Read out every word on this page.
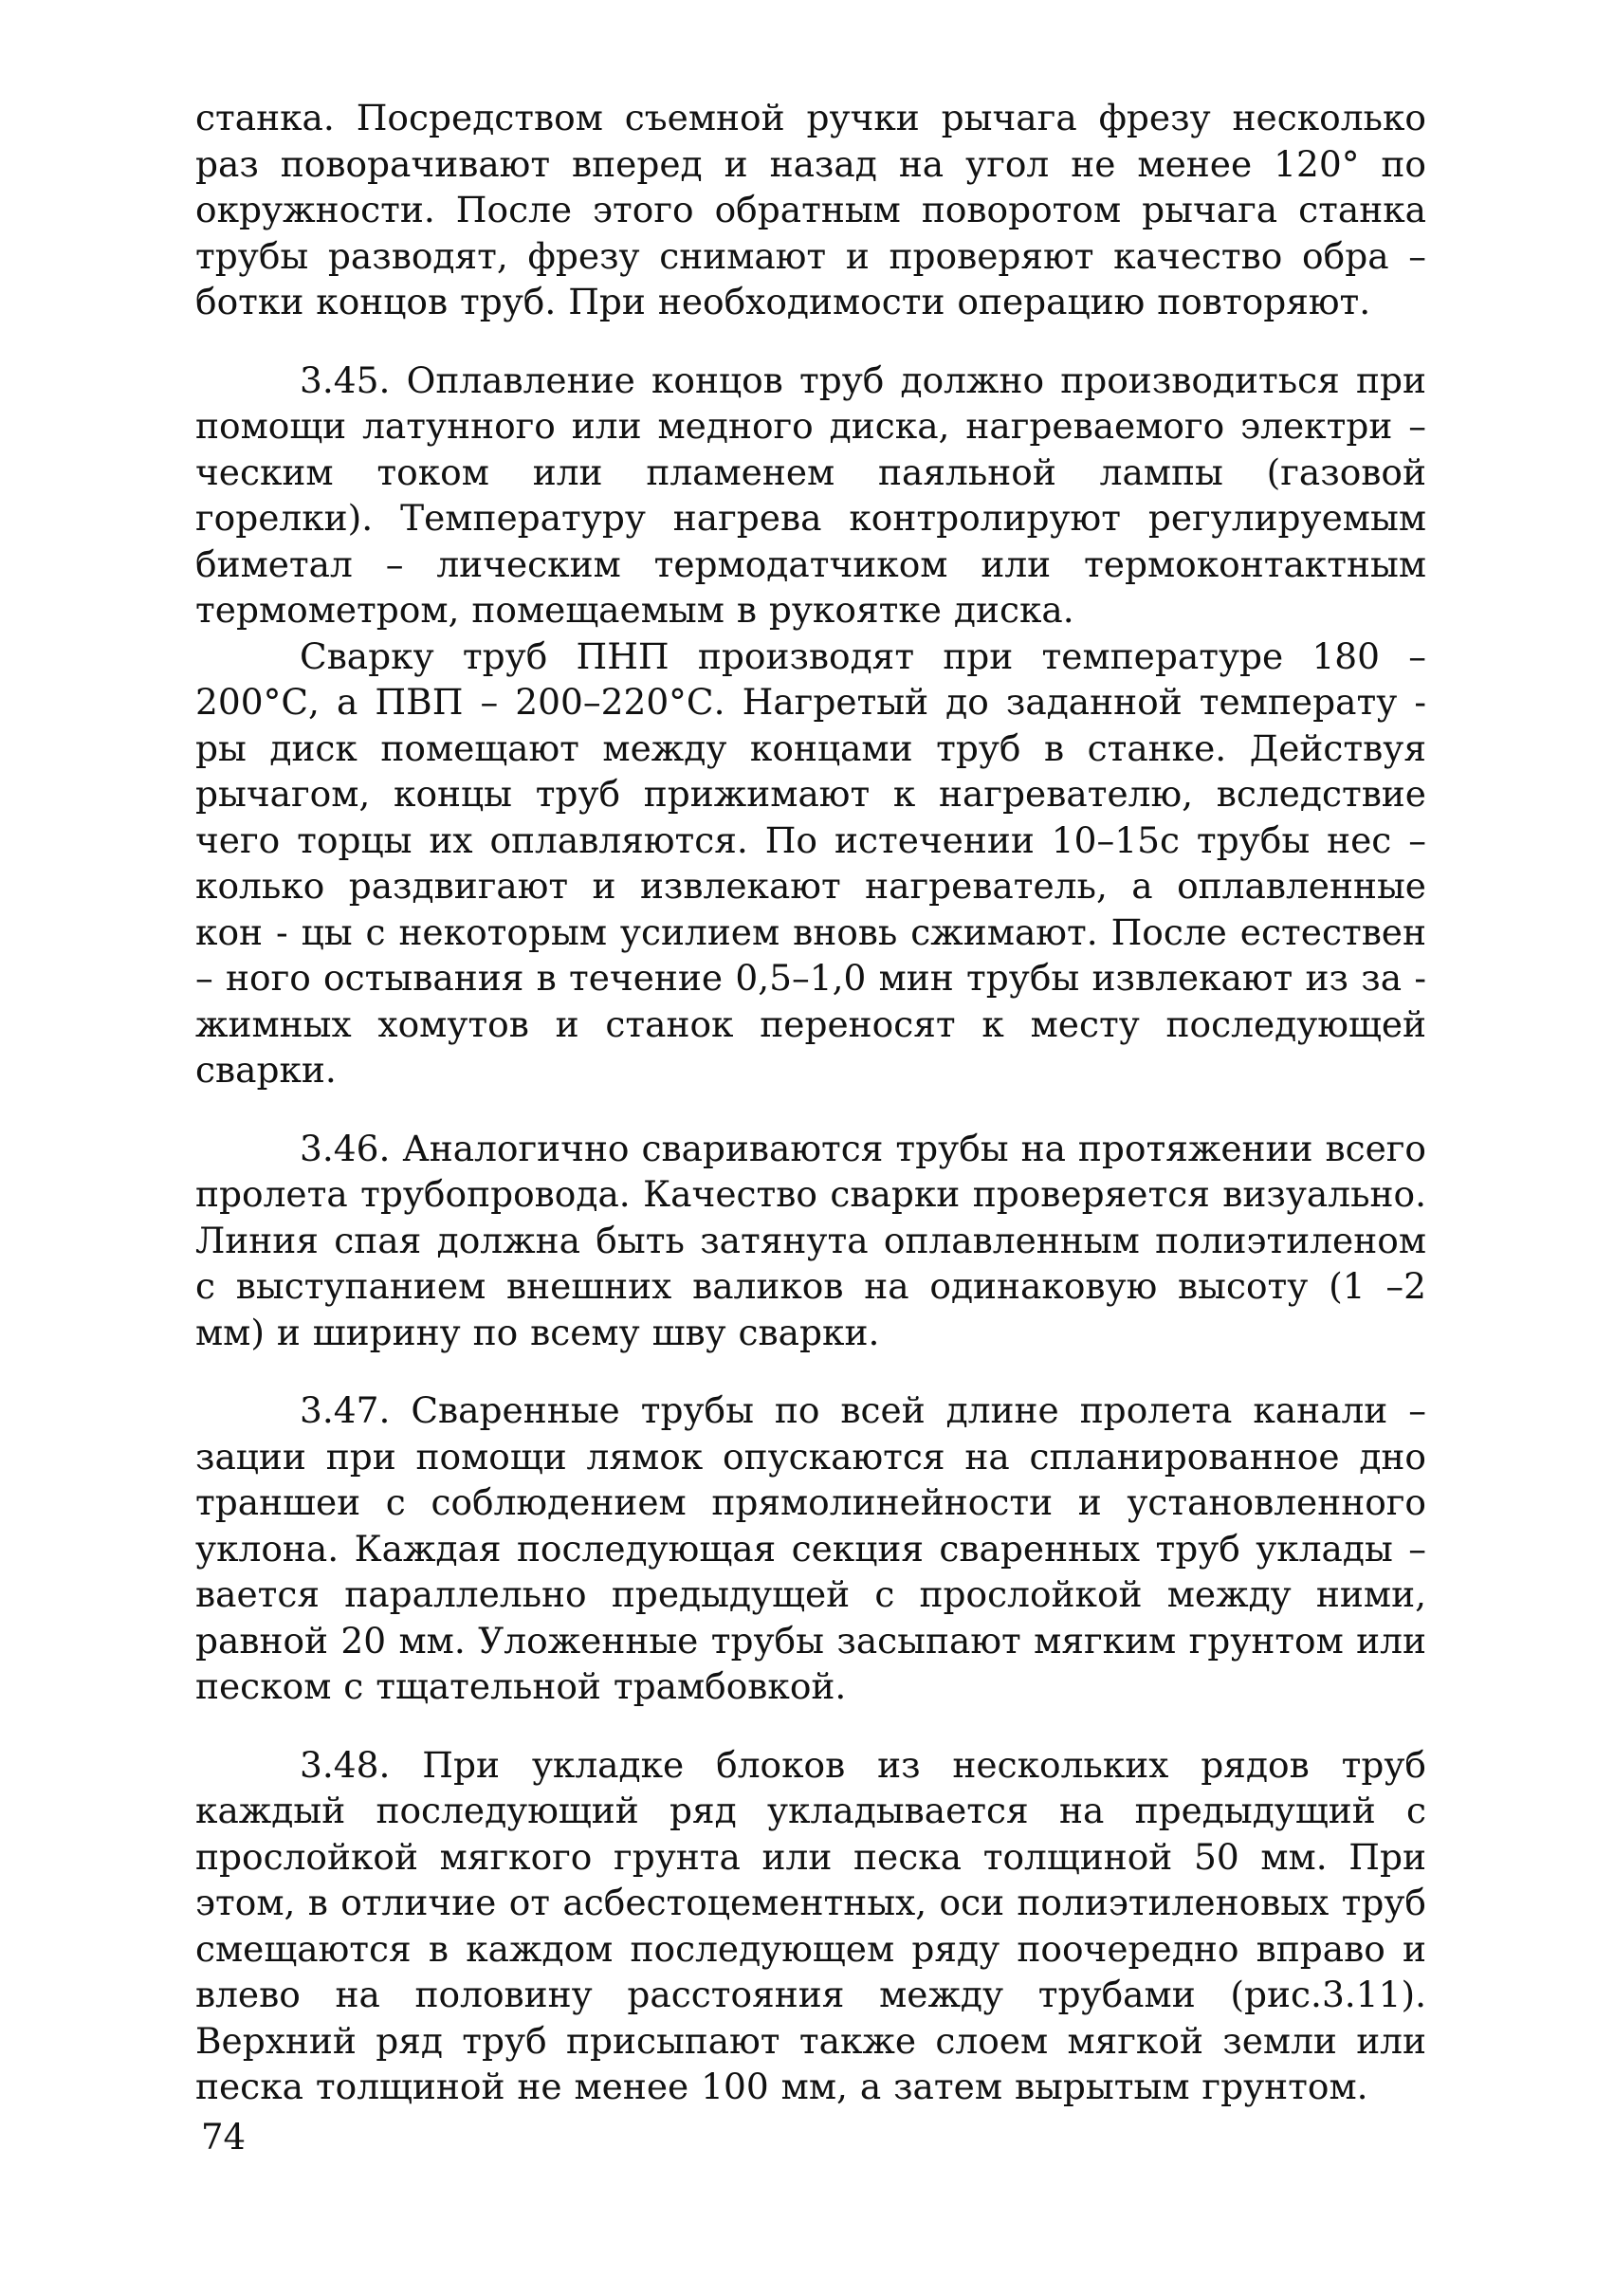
станка. Посредством съемной ручки рычага фрезу несколько раз поворачивают вперед и назад на угол не менее 120° по окружности. После этого обратным поворотом рычага станка трубы разводят, фрезу снимают и проверяют качество обра – ботки концов труб. При необходимости операцию повторяют.

3.45. Оплавление концов труб должно производиться при помощи латунного или медного диска, нагреваемого электри – ческим током или пламенем паяльной лампы (газовой горелки). Температуру нагрева контролируют регулируемым биметал – лическим термодатчиком или термоконтактным термометром, помещаемым в рукоятке диска.

Сварку труб ПНП производят при температуре 180 – 200°С, а ПВП – 200–220°С. Нагретый до заданной температу - ры диск помещают между концами труб в станке. Действуя рычагом, концы труб прижимают к нагревателю, вследствие чего торцы их оплавляются. По истечении 10–15с трубы нес – колько раздвигают и извлекают нагреватель, а оплавленные кон - цы с некоторым усилием вновь сжимают. После естествен – ного остывания в течение 0,5–1,0 мин трубы извлекают из за - жимных хомутов и станок переносят к месту последующей сварки.

3.46. Аналогично свариваются трубы на протяжении всего пролета трубопровода. Качество сварки проверяется визуально. Линия спая должна быть затянута оплавленным полиэтиленом с выступанием внешних валиков на одинаковую высоту (1 –2 мм) и ширину по всему шву сварки.

3.47. Сваренные трубы по всей длине пролета канали – зации при помощи лямок опускаются на спланированное дно траншеи с соблюдением прямолинейности и установленного уклона. Каждая последующая секция сваренных труб уклады – вается параллельно предыдущей с прослойкой между ними, равной 20 мм. Уложенные трубы засыпают мягким грунтом или песком с тщательной трамбовкой.

3.48. При укладке блоков из нескольких рядов труб каждый последующий ряд укладывается на предыдущий с прослойкой мягкого грунта или песка толщиной 50 мм. При этом, в отличие от асбестоцементных, оси полиэтиленовых труб смещаются в каждом последующем ряду поочередно вправо и влево на половину расстояния между трубами (рис.3.11). Верхний ряд труб присыпают также слоем мягкой земли или песка толщиной не менее 100 мм, а затем вырытым грунтом.

74
